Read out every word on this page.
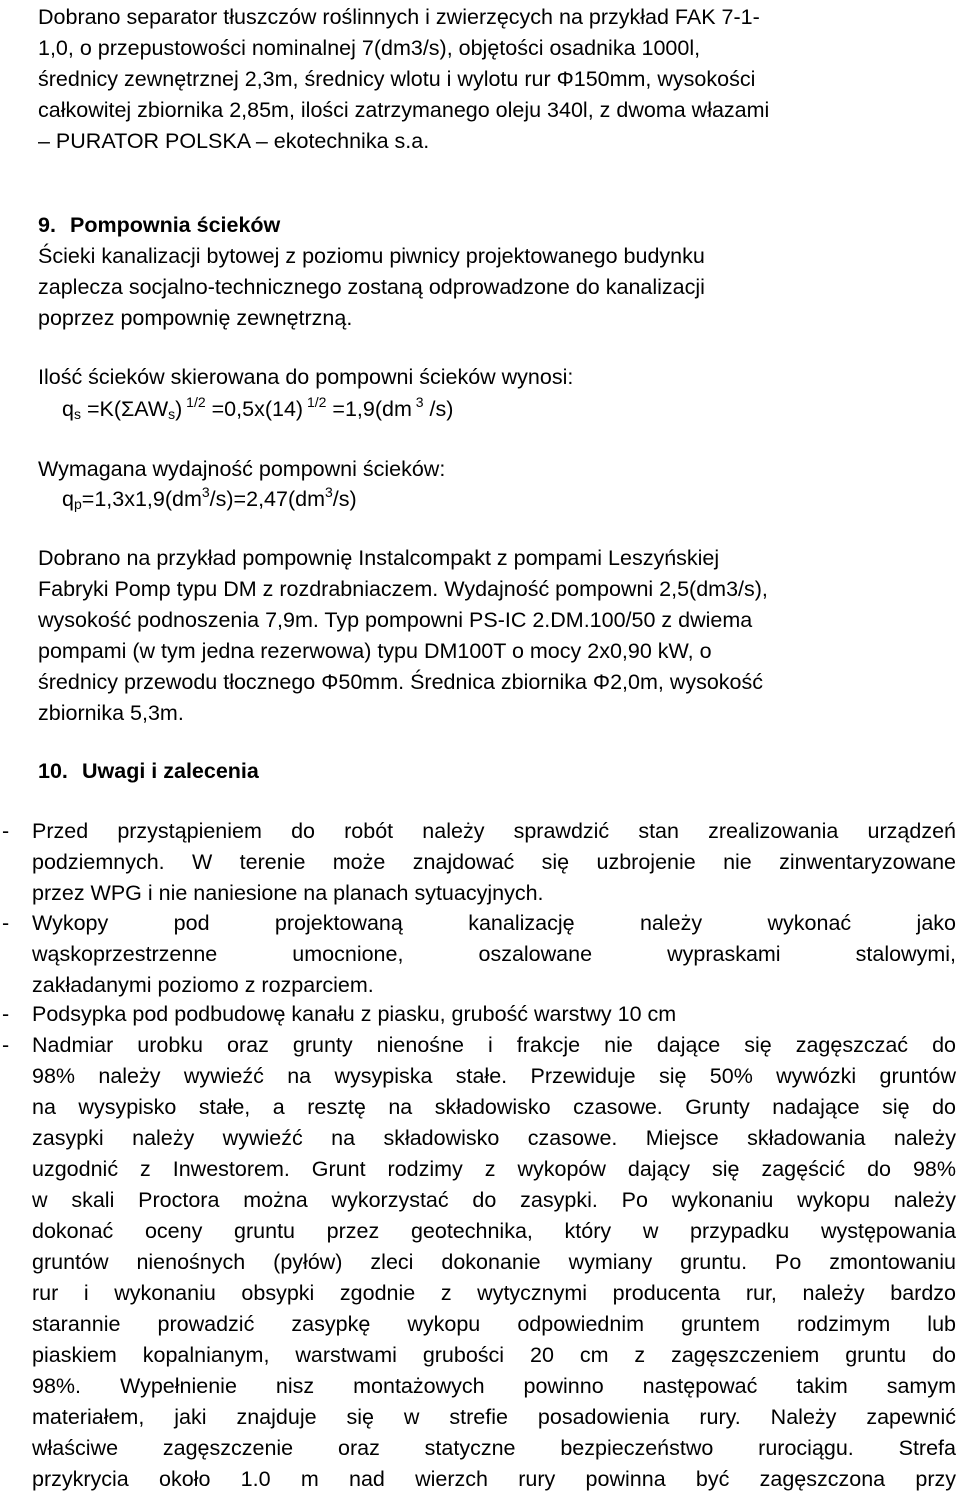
Dobrano separator tłuszczów roślinnych i zwierzęcych na przykład FAK 7-1-
1,0, o przepustowości nominalnej 7(dm3/s), objętości osadnika 1000l,
średnicy zewnętrznej 2,3m, średnicy wlotu i wylotu rur Φ150mm, wysokości
całkowitej zbiornika 2,85m, ilości zatrzymanego oleju 340l, z dwoma włazami
– PURATOR POLSKA – ekotechnika s.a.
9. Pompownia ścieków
Ścieki kanalizacji bytowej z poziomu piwnicy projektowanego budynku
zaplecza socjalno-technicznego zostaną odprowadzone do kanalizacji
poprzez pompownię zewnętrzną.
Ilość ścieków skierowana do pompowni ścieków wynosi:
$q_s =K(\Sigma AW_s)$ $^{1/2}$ =0,5x(14) $^{1/2}$ =1,9(dm $^3$ /s)
Wymagana wydajność pompowni ścieków:
$q_p=1,3x1,9(dm^3/s)=2,47(dm^3/s)$
Dobrano na przykład pompownię Instalcompakt z pompami Leszyńskiej
Fabryki Pomp typu DM z rozdrabniaczem. Wydajność pompowni 2,5(dm3/s),
wysokość podnoszenia 7,9m. Typ pompowni PS-IC 2.DM.100/50 z dwiema
pompami (w tym jedna rezerwowa) typu DM100T o mocy 2x0,90 kW, o
średnicy przewodu tłocznego Φ50mm. Średnica zbiornika Φ2,0m, wysokość
zbiornika 5,3m.
10. Uwagi i zalecenia
- Przed przystąpieniem do robót należy sprawdzić stan zrealizowania urządzeń
podziemnych. W terenie może znajdować się uzbrojenie nie zinwentaryzowane
przez WPG i nie naniesione na planach sytuacyjnych.
- Wykopy pod projektowaną kanalizację należy wykonać jako
wąskoprzestrzenne umocnione, oszalowane wypraskami stalowymi,
zakładanymi poziomo z rozparciem.
- Podsypka pod podbudowę kanału z piasku, grubość warstwy 10 cm
- Nadmiar urobku oraz grunty nienośne i frakcje nie dające się zagęszczać do
98% należy wywieźć na wysypiska stałe. Przewiduje się 50% wywózki gruntów
na wysypisko stałe, a resztę na składowisko czasowe. Grunty nadające się do
zasypki należy wywieźć na składowisko czasowe. Miejsce składowania należy
uzgodnić z Inwestorem. Grunt rodzimy z wykopów dający się zagęścić do 98%
w skali Proctora można wykorzystać do zasypki. Po wykonaniu wykopu należy
dokonać oceny gruntu przez geotechnika, który w przypadku występowania
gruntów nienośnych (pyłów) zleci dokonanie wymiany gruntu. Po zmontowaniu
rur i wykonaniu obsypki zgodnie z wytycznymi producenta rur, należy bardzo
starannie prowadzić zasypkę wykopu odpowiednim gruntem rodzimym lub
piaskiem kopalnianym, warstwami grubości 20 cm z zagęszczeniem gruntu do
98%. Wypełnienie nisz montażowych powinno następować takim samym
materiałem, jaki znajduje się w strefie posadowienia rury. Należy zapewnić
właściwe zagęszczenie oraz statyczne bezpieczeństwo rurociągu. Strefa
przykrycia około 1.0 m nad wierzch rury powinna być zagęszczona przy
